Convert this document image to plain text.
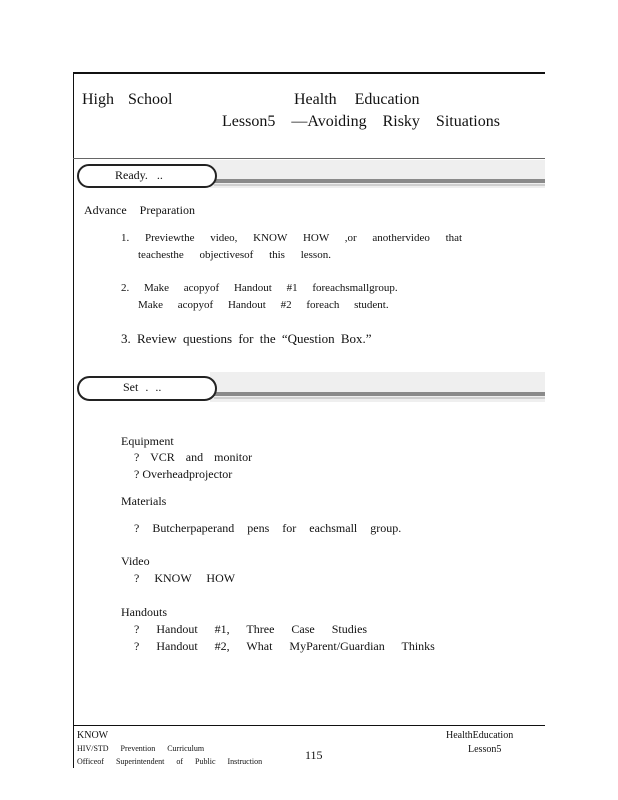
High School	Health Education
Lesson5 —Avoiding Risky Situations
Ready. ..
Advance Preparation
1. Previewthe video, KNOW HOW ,or anothervideo that
teachesthe objectivesof this lesson.
2. Make acopyof Handout #1 foreachsmallgroup.
Make acopyof Handout #2 foreach student.
3. Review questions for the “Question Box.”
Set . ..
Equipment
? VCR and monitor
? Overheadprojector
Materials
? Butcherpaperand pens for eachsmall group.
Video
? KNOW HOW
Handouts
? Handout #1, Three Case Studies
? Handout #2, What MyParent/Guardian Thinks
KNOW
HIV/STD Prevention Curriculum
Officeof Superintendent of Public Instruction	115
HealthEducation
Lesson5
